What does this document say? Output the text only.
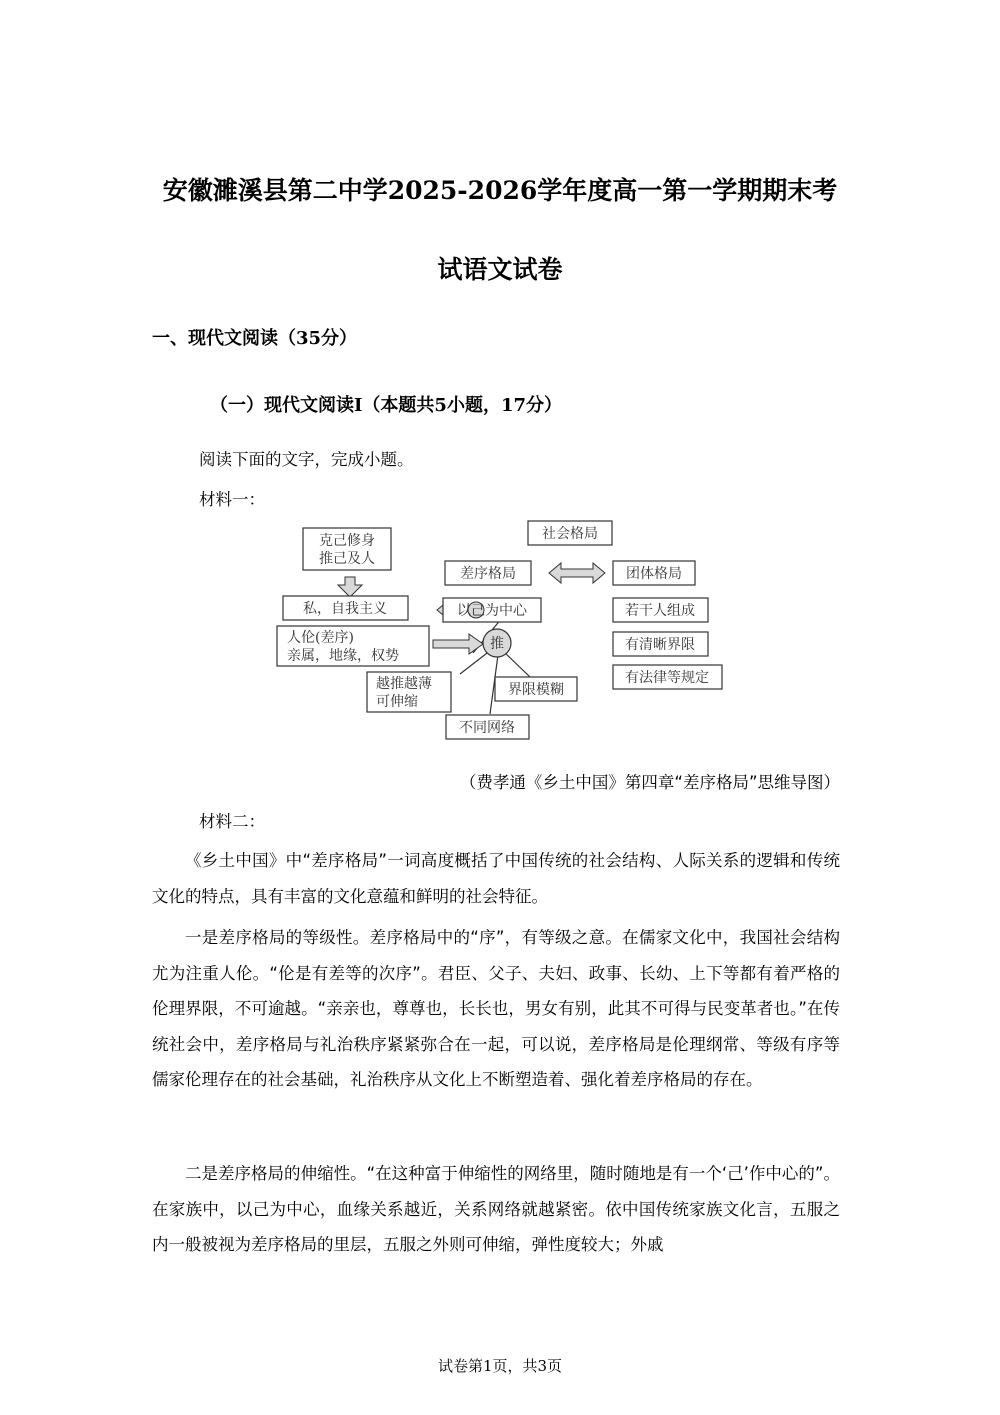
安徽濉溪县第二中学2025-2026学年度高一第一学期期末考
试语文试卷
一、现代文阅读（35分）
（一）现代文阅读Ⅰ（本题共5小题，17分）
阅读下面的文字，完成小题。
材料一：
克己修身
推己及人
私，自我主义
人伦(差序)
亲属，地缘，权势
越推越薄
可伸缩
不同网络
界限模糊
推
差序格局
以己为中心
社会格局
团体格局
若干人组成
有清晰界限
有法律等规定
（费孝通《乡土中国》第四章“差序格局”思维导图）
材料二：
《乡土中国》中“差序格局”一词高度概括了中国传统的社会结构、人际关系的逻辑和传统文化的特点，具有丰富的文化意蕴和鲜明的社会特征。
一是差序格局的等级性。差序格局中的“序”，有等级之意。在儒家文化中，我国社会结构尤为注重人伦。“伦是有差等的次序”。君臣、父子、夫妇、政事、长幼、上下等都有着严格的伦理界限，不可逾越。“亲亲也，尊尊也，长长也，男女有别，此其不可得与民变革者也。”在传统社会中，差序格局与礼治秩序紧紧弥合在一起，可以说，差序格局是伦理纲常、等级有序等儒家伦理存在的社会基础，礼治秩序从文化上不断塑造着、强化着差序格局的存在。
二是差序格局的伸缩性。“在这种富于伸缩性的网络里，随时随地是有一个‘己’作中心的”。在家族中，以己为中心，血缘关系越近，关系网络就越紧密。依中国传统家族文化言，五服之内一般被视为差序格局的里层，五服之外则可伸缩，弹性度较大；外戚
试卷第1页，共3页
